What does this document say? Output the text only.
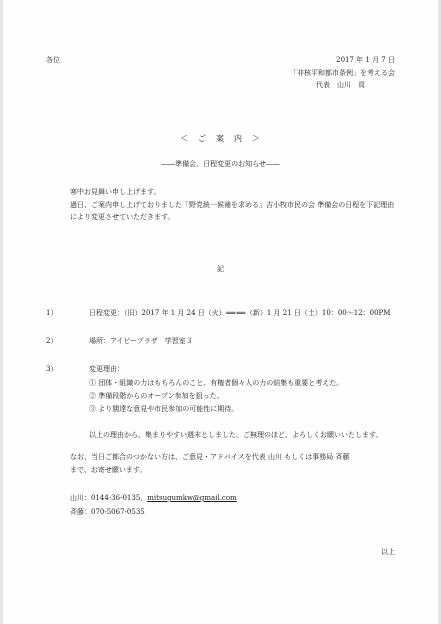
各位	2017 年 1 月 7 日
「非核平和都市条例」を考える会
代表　山川　貢
＜　ご　案　内　＞
――準備会、日程変更のお知らせ――
寒中お見舞い申し上げます。
過日、ご案内申し上げておりました「野党統一候補を求める」吉小牧市民の会 準備会の日程を下記理由
により変更させていただきます。
記
1）	日程変更：（旧）2017 年 1 月 24 日（火）⟹⟹（新）1 月 21 日（土）10：00～12：00PM
2）	場所：アイビープラザ　学習室３
3）	変更理由：
① 団体・組織の力はもちろんのこと、有権者個々人の力の結集も重要と考えた。
② 準備段階からのオープン参加を狙った。
③ より闊達な意見や市民参加の可能性に期待。
以上の理由から、集まりやすい週末としました。ご無理のほど、よろしくお願いいたします。
なお、当日ご都合のつかない方は、ご意見・アドバイスを代表 山川 もしくは事務局 斉藤
まで、お寄せ願います。
山川：0144-36-0135、mitsugumkw@gmail.com
斉藤：070-5067-0535
以上
